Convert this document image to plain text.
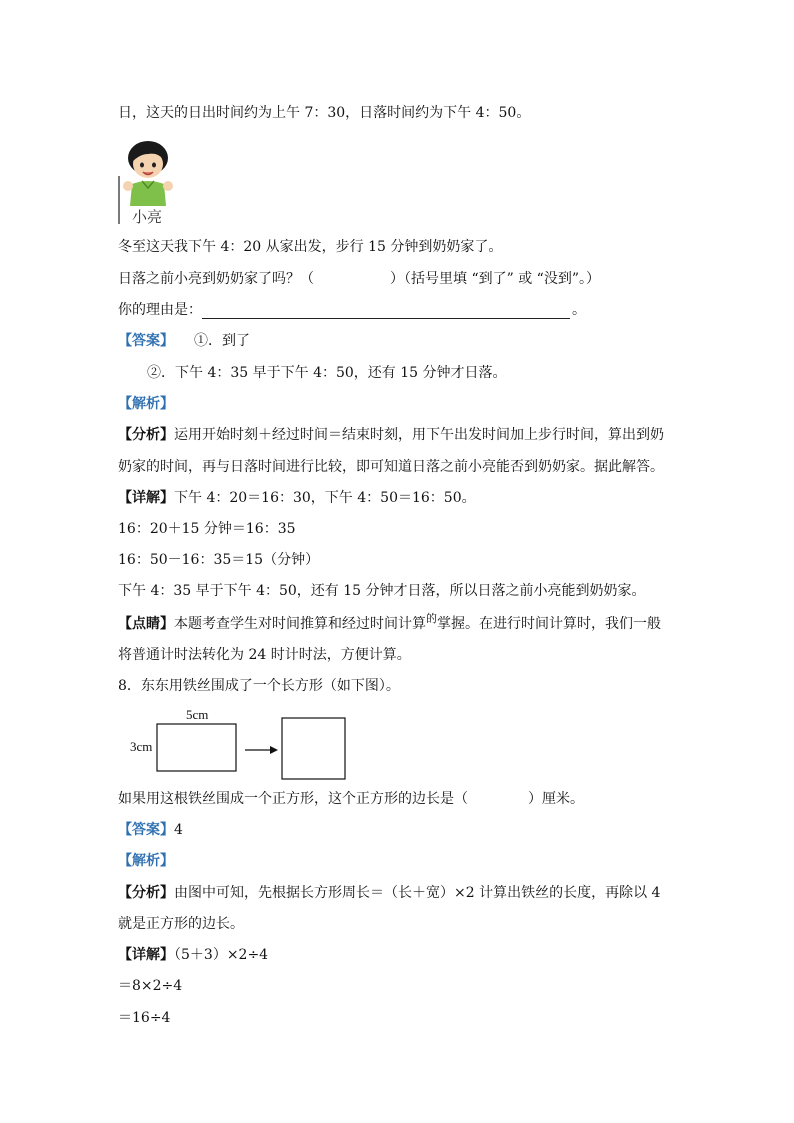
日，这天的日出时间约为上午 7：30，日落时间约为下午 4：50。
小亮
冬至这天我下午 4：20 从家出发，步行 15 分钟到奶奶家了。
日落之前小亮到奶奶家了吗？（	）（括号里填 “到了” 或 “没到”。）
你的理由是：	。
【答案】 ①．到了
②．下午 4：35 早于下午 4：50，还有 15 分钟才日落。
【解析】
【分析】运用开始时刻＋经过时间＝结束时刻，用下午出发时间加上步行时间，算出到奶
奶家的时间，再与日落时间进行比较，即可知道日落之前小亮能否到奶奶家。据此解答。
【详解】下午 4：20＝16：30，下午 4：50＝16：50。
16：20＋15 分钟＝16：35
16：50－16：35＝15（分钟）
下午 4：35 早于下午 4：50，还有 15 分钟才日落，所以日落之前小亮能到奶奶家。
【点睛】本题考查学生对时间推算和经过时间计算$^的$掌握。在进行时间计算时，我们一般
将普通计时法转化为 24 时计时法，方便计算。
8．东东用铁丝围成了一个长方形（如下图）。
5cm
3cm
如果用这根铁丝围成一个正方形，这个正方形的边长是（	）厘米。
【答案】4
【解析】
【分析】由图中可知，先根据长方形周长＝（长＋宽）×2 计算出铁丝的长度，再除以 4
就是正方形的边长。
【详解】（5＋3）×2÷4
＝8×2÷4
＝16÷4
